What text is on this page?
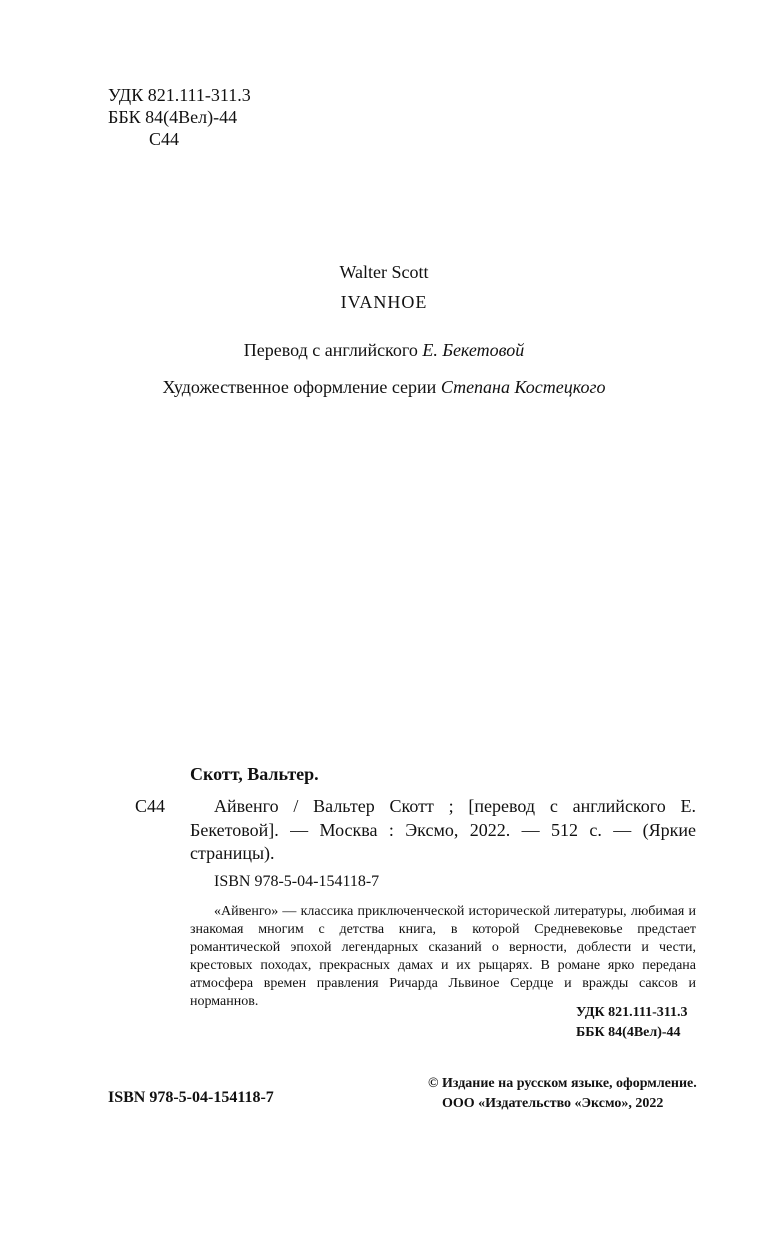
УДК 821.111-311.3
ББК 84(4Вел)-44
С44
Walter Scott
IVANHOE
Перевод с английского Е. Бекетовой
Художественное оформление серии Степана Костецкого
Скотт, Вальтер.
С44	Айвенго / Вальтер Скотт ; [перевод с английского Е. Бекетовой]. — Москва : Эксмо, 2022. — 512 с. — (Яркие страницы).
ISBN 978-5-04-154118-7
«Айвенго» — классика приключенческой исторической литературы, любимая и знакомая многим с детства книга, в которой Средневековье предстает романтической эпохой легендарных сказаний о верности, доблести и чести, крестовых походах, прекрасных дамах и их рыцарях. В романе ярко передана атмосфера времен правления Ричарда Львиное Сердце и вражды саксов и норманнов.
УДК 821.111-311.3
ББК 84(4Вел)-44
ISBN 978-5-04-154118-7
© Издание на русском языке, оформление.
ООО «Издательство «Эксмо», 2022
